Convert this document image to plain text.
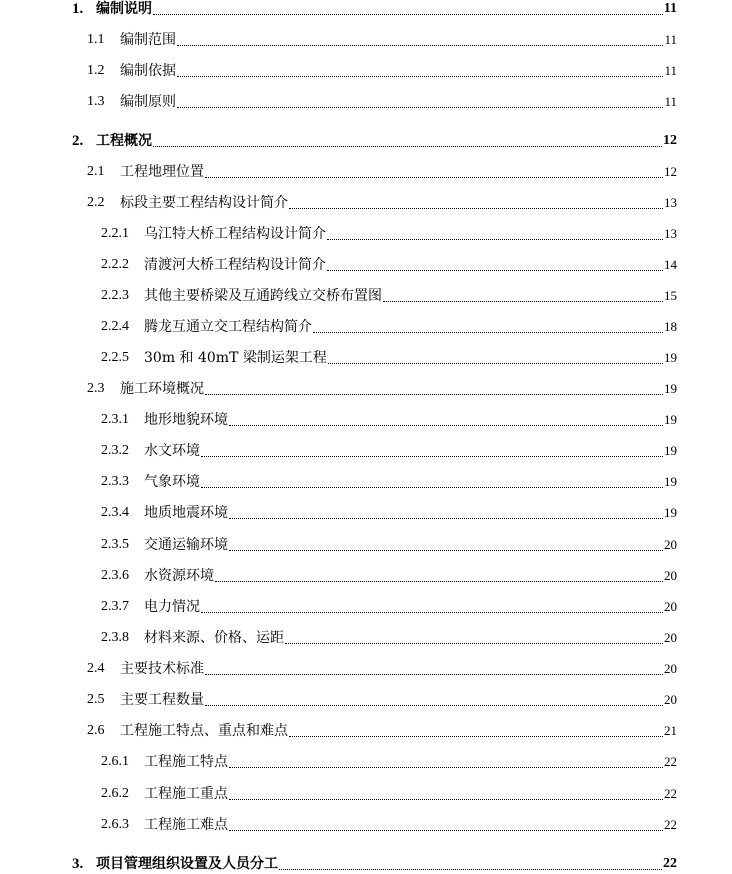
1. 编制说明	11
1.1	编制范围	11
1.2	编制依据	11
1.3	编制原则	11
2. 工程概况	12
2.1	工程地理位置	12
2.2	标段主要工程结构设计简介	13
2.2.1	乌江特大桥工程结构设计简介	13
2.2.2	清渡河大桥工程结构设计简介	14
2.2.3	其他主要桥梁及互通跨线立交桥布置图	15
2.2.4	腾龙互通立交工程结构简介	18
2.2.5	30m 和 40mT 梁制运架工程	19
2.3	施工环境概况	19
2.3.1	地形地貌环境	19
2.3.2	水文环境	19
2.3.3	气象环境	19
2.3.4	地质地震环境	19
2.3.5	交通运输环境	20
2.3.6	水资源环境	20
2.3.7	电力情况	20
2.3.8	材料来源、价格、运距	20
2.4	主要技术标准	20
2.5	主要工程数量	20
2.6	工程施工特点、重点和难点	21
2.6.1	工程施工特点	22
2.6.2	工程施工重点	22
2.6.3	工程施工难点	22
3. 项目管理组织设置及人员分工	22
